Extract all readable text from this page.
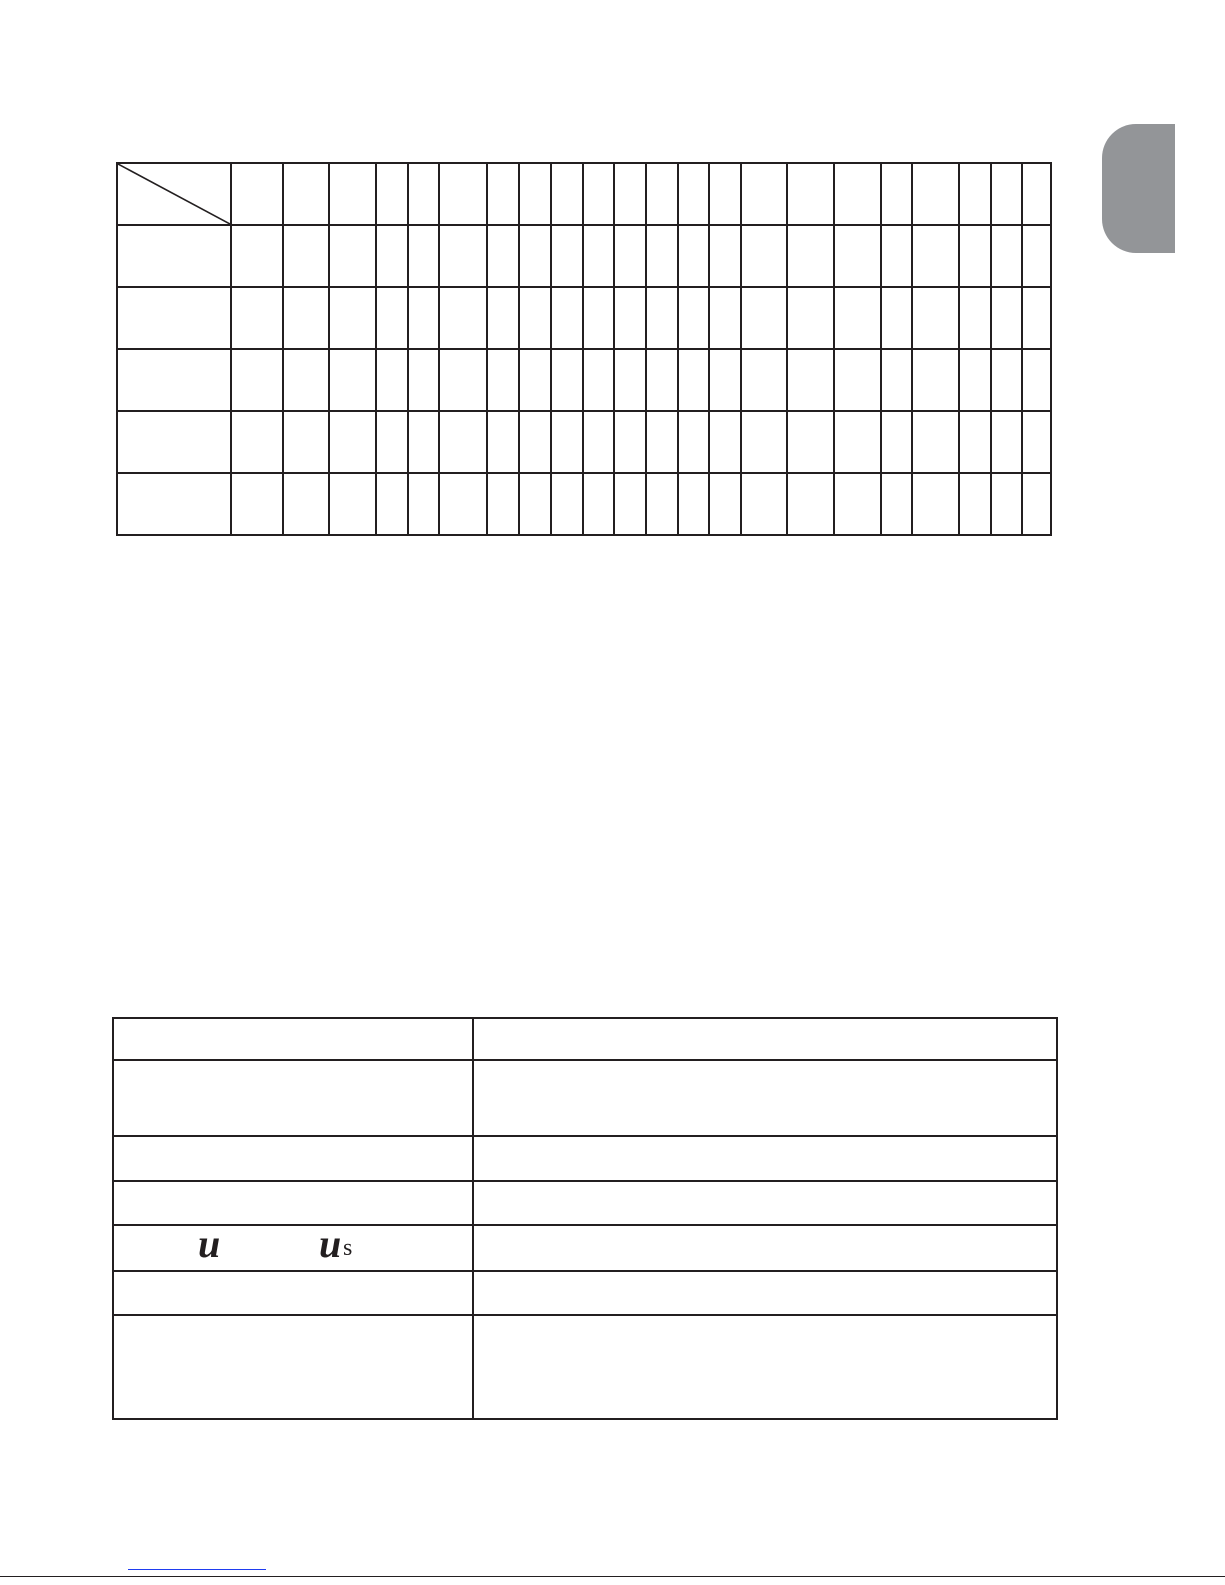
u u s	
